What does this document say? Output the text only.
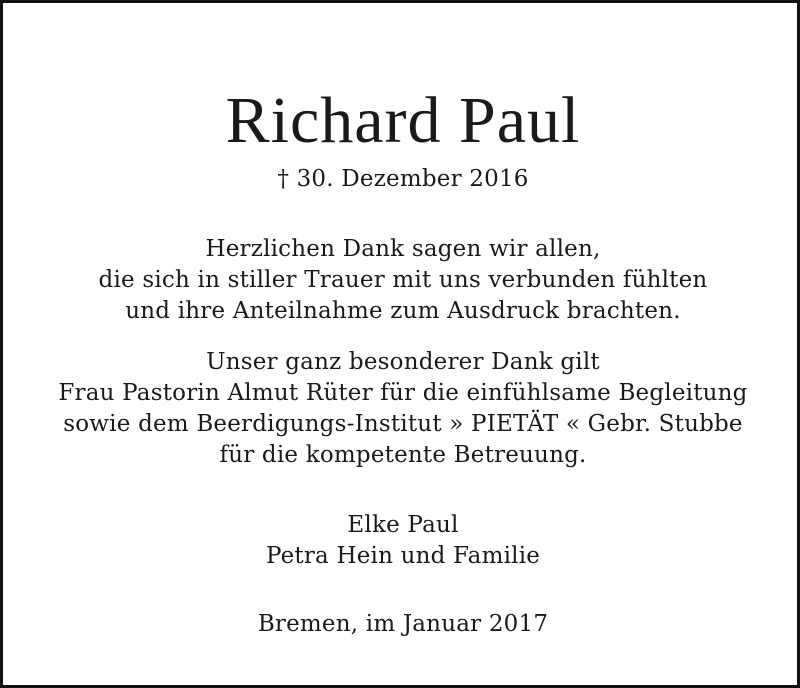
Richard Paul
† 30. Dezember 2016
Herzlichen Dank sagen wir allen,
die sich in stiller Trauer mit uns verbunden fühlten
und ihre Anteilnahme zum Ausdruck brachten.
Unser ganz besonderer Dank gilt
Frau Pastorin Almut Rüter für die einfühlsame Begleitung
sowie dem Beerdigungs-Institut » PIETÄT « Gebr. Stubbe
für die kompetente Betreuung.
Elke Paul
Petra Hein und Familie
Bremen, im Januar 2017
